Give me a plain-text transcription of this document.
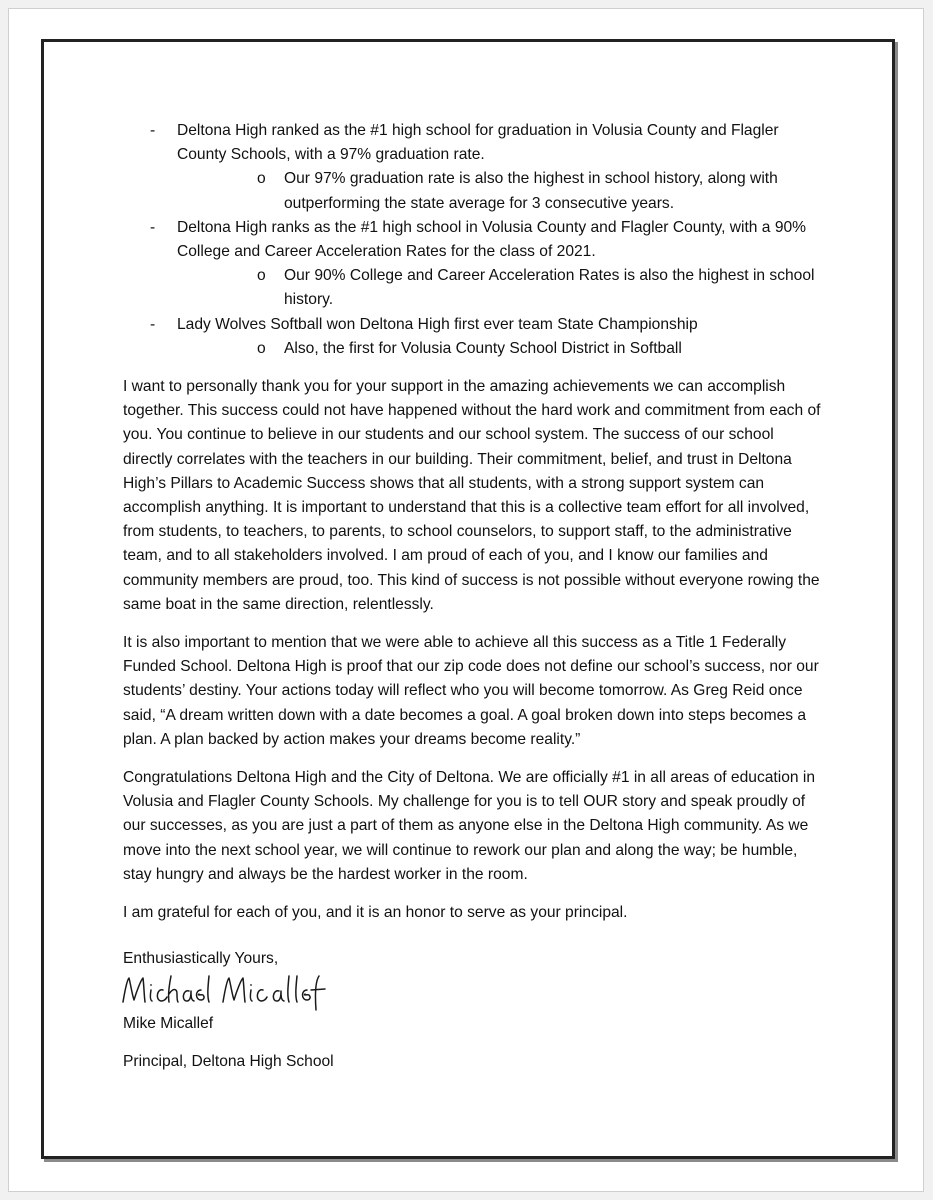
- Deltona High ranked as the #1 high school for graduation in Volusia County and Flagler County Schools, with a 97% graduation rate.
o Our 97% graduation rate is also the highest in school history, along with outperforming the state average for 3 consecutive years.
- Deltona High ranks as the #1 high school in Volusia County and Flagler County, with a 90% College and Career Acceleration Rates for the class of 2021.
o Our 90% College and Career Acceleration Rates is also the highest in school history.
- Lady Wolves Softball won Deltona High first ever team State Championship
o Also, the first for Volusia County School District in Softball

I want to personally thank you for your support in the amazing achievements we can accomplish together. This success could not have happened without the hard work and commitment from each of you. You continue to believe in our students and our school system. The success of our school directly correlates with the teachers in our building. Their commitment, belief, and trust in Deltona High’s Pillars to Academic Success shows that all students, with a strong support system can accomplish anything. It is important to understand that this is a collective team effort for all involved, from students, to teachers, to parents, to school counselors, to support staff, to the administrative team, and to all stakeholders involved. I am proud of each of you, and I know our families and community members are proud, too. This kind of success is not possible without everyone rowing the same boat in the same direction, relentlessly.

It is also important to mention that we were able to achieve all this success as a Title 1 Federally Funded School. Deltona High is proof that our zip code does not define our school’s success, nor our students’ destiny. Your actions today will reflect who you will become tomorrow. As Greg Reid once said, “A dream written down with a date becomes a goal. A goal broken down into steps becomes a plan. A plan backed by action makes your dreams become reality.”

Congratulations Deltona High and the City of Deltona. We are officially #1 in all areas of education in Volusia and Flagler County Schools. My challenge for you is to tell OUR story and speak proudly of our successes, as you are just a part of them as anyone else in the Deltona High community. As we move into the next school year, we will continue to rework our plan and along the way; be humble, stay hungry and always be the hardest worker in the room.

I am grateful for each of you, and it is an honor to serve as your principal.

Enthusiastically Yours,

Mike Micallef

Principal, Deltona High School
